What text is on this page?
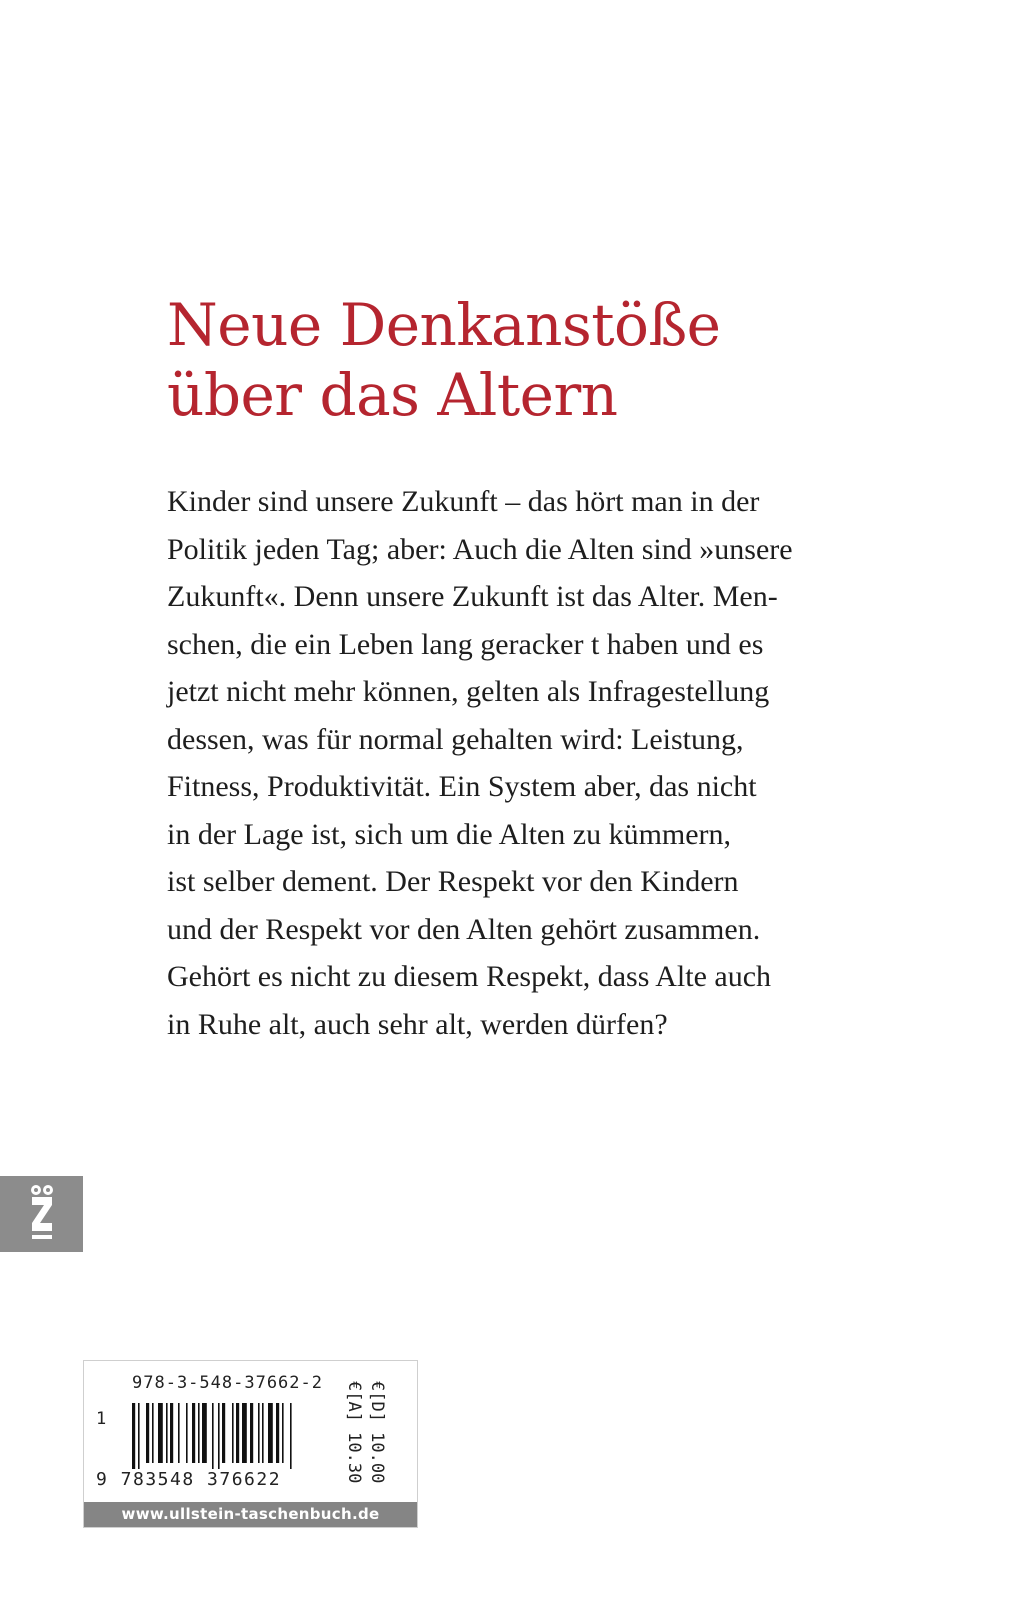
Neue Denkanstöße
über das Altern
Kinder sind unsere Zukunft – das hört man in der
Politik jeden Tag; aber: Auch die Alten sind »unsere
Zukunft«. Denn unsere Zukunft ist das Alter. Men-
schen, die ein Leben lang geracker t haben und es
jetzt nicht mehr können, gelten als Infragestellung
dessen, was für normal gehalten wird: Leistung,
Fitness, Produktivität. Ein System aber, das nicht
in der Lage ist, sich um die Alten zu kümmern,
ist selber dement. Der Respekt vor den Kindern
und der Respekt vor den Alten gehört zusammen.
Gehört es nicht zu diesem Respekt, dass Alte auch
in Ruhe alt, auch sehr alt, werden dürfen?
978-3-548-37662-2
1
9 783548 376622	€[D] 10.00
€[A] 10.30
www.ullstein-taschenbuch.de
